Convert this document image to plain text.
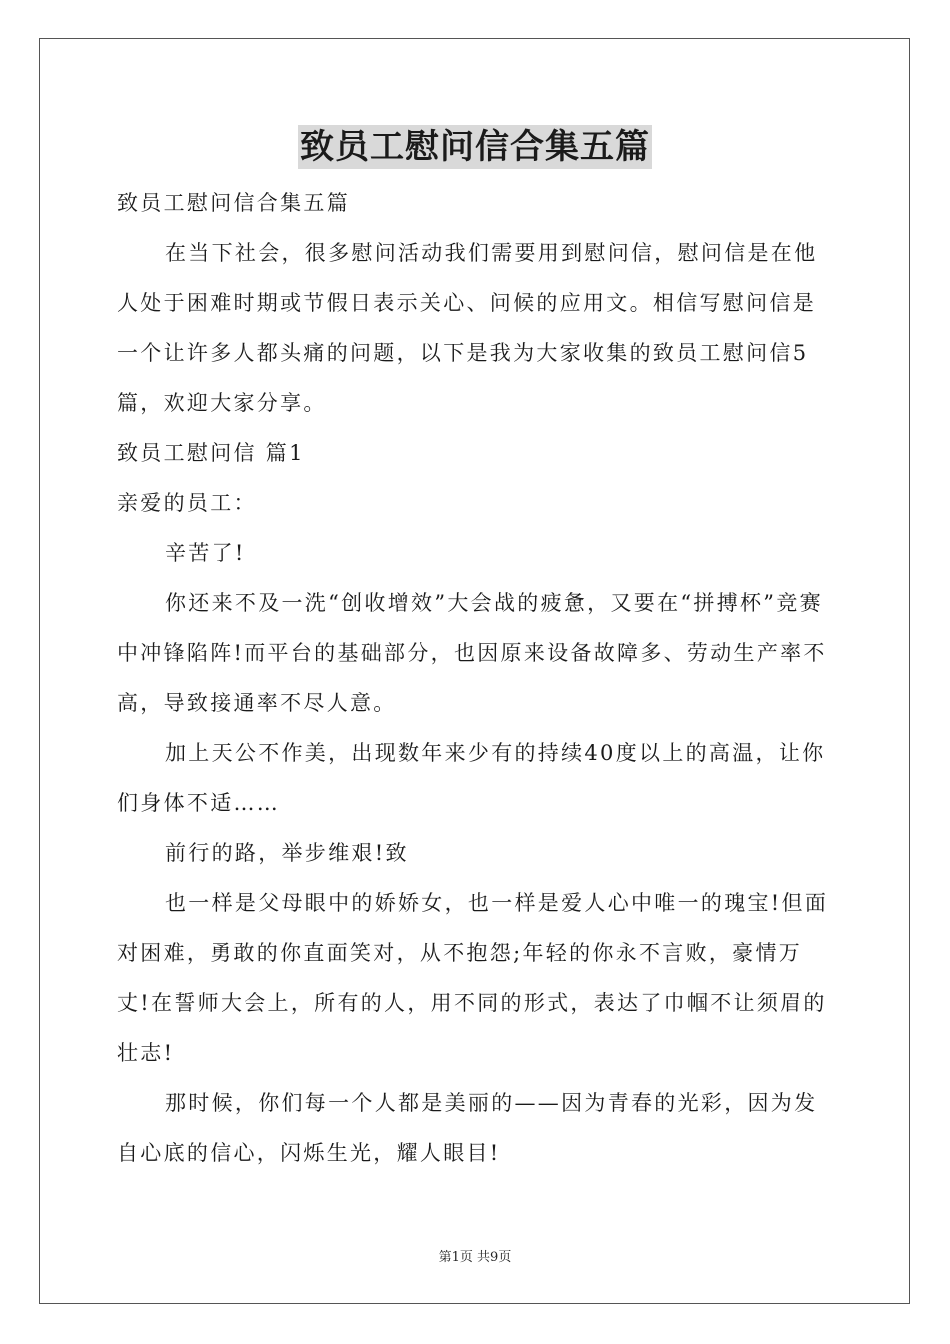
致员工慰问信合集五篇

致员工慰问信合集五篇

在当下社会，很多慰问活动我们需要用到慰问信，慰问信是在他人处于困难时期或节假日表示关心、问候的应用文。相信写慰问信是一个让许多人都头痛的问题，以下是我为大家收集的致员工慰问信5篇，欢迎大家分享。

致员工慰问信 篇1

亲爱的员工：

辛苦了!

你还来不及一洗“创收增效”大会战的疲惫，又要在“拼搏杯”竞赛中冲锋陷阵!而平台的基础部分，也因原来设备故障多、劳动生产率不高，导致接通率不尽人意。

加上天公不作美，出现数年来少有的持续40度以上的高温，让你们身体不适……

前行的路，举步维艰!致

也一样是父母眼中的娇娇女，也一样是爱人心中唯一的瑰宝!但面对困难，勇敢的你直面笑对，从不抱怨;年轻的你永不言败，豪情万丈!在誓师大会上，所有的人，用不同的形式，表达了巾帼不让须眉的壮志!

那时候，你们每一个人都是美丽的——因为青春的光彩，因为发自心底的信心，闪烁生光，耀人眼目!

第1页 共9页
